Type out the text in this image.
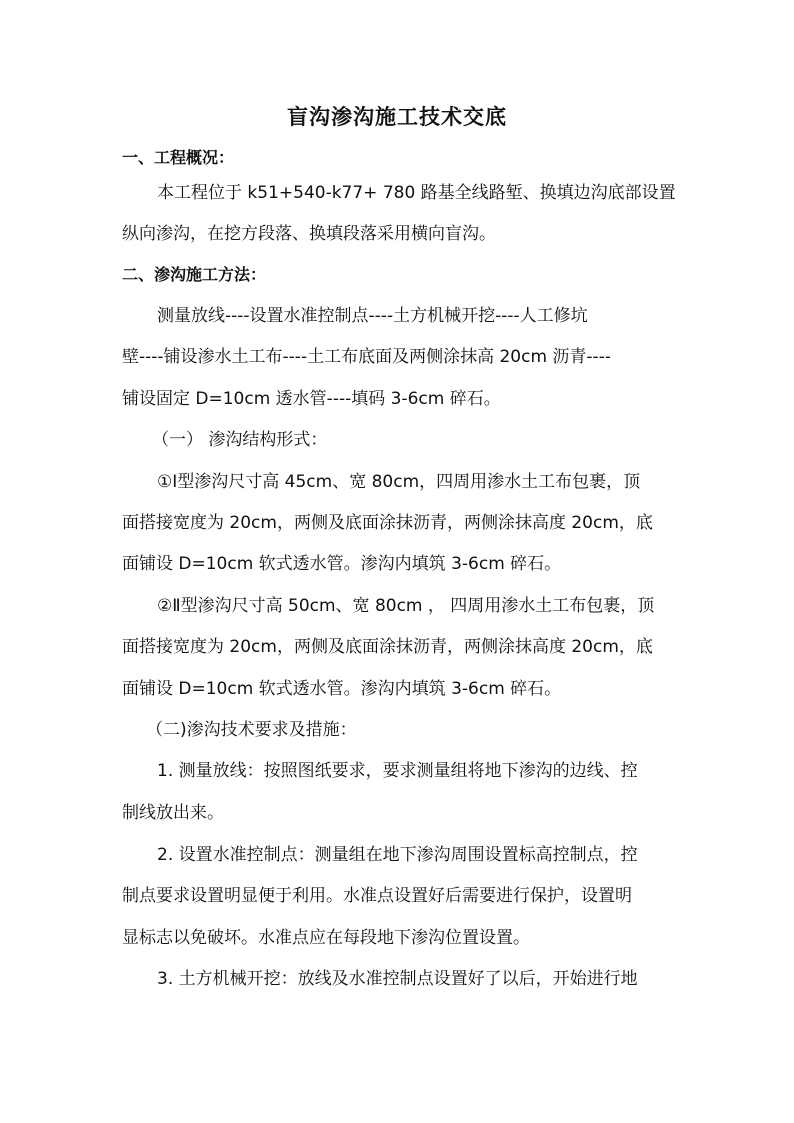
盲沟渗沟施工技术交底
一、工程概况：
本工程位于 k51+540-k77+ 780 路基全线路堑、换填边沟底部设置
纵向渗沟，在挖方段落、换填段落采用横向盲沟。
二、渗沟施工方法：
测量放线----设置水准控制点----土方机械开挖----人工修坑
壁----铺设渗水土工布----土工布底面及两侧涂抹高 20cm 沥青----
铺设固定 D=10cm 透水管----填码 3-6cm 碎石。
（一） 渗沟结构形式：
①Ⅰ型渗沟尺寸高 45cm、宽 80cm，四周用渗水土工布包裹，顶
面搭接宽度为 20cm，两侧及底面涂抹沥青，两侧涂抹高度 20cm，底
面铺设 D=10cm 软式透水管。渗沟内填筑 3-6cm 碎石。
②Ⅱ型渗沟尺寸高 50cm、宽 80cm ， 四周用渗水土工布包裹，顶
面搭接宽度为 20cm，两侧及底面涂抹沥青，两侧涂抹高度 20cm，底
面铺设 D=10cm 软式透水管。渗沟内填筑 3-6cm 碎石。
（二)渗沟技术要求及措施：
1. 测量放线：按照图纸要求，要求测量组将地下渗沟的边线、控
制线放出来。
2. 设置水准控制点：测量组在地下渗沟周围设置标高控制点，控
制点要求设置明显便于利用。水准点设置好后需要进行保护，设置明
显标志以免破坏。水准点应在每段地下渗沟位置设置。
3. 土方机械开挖：放线及水准控制点设置好了以后，开始进行地
